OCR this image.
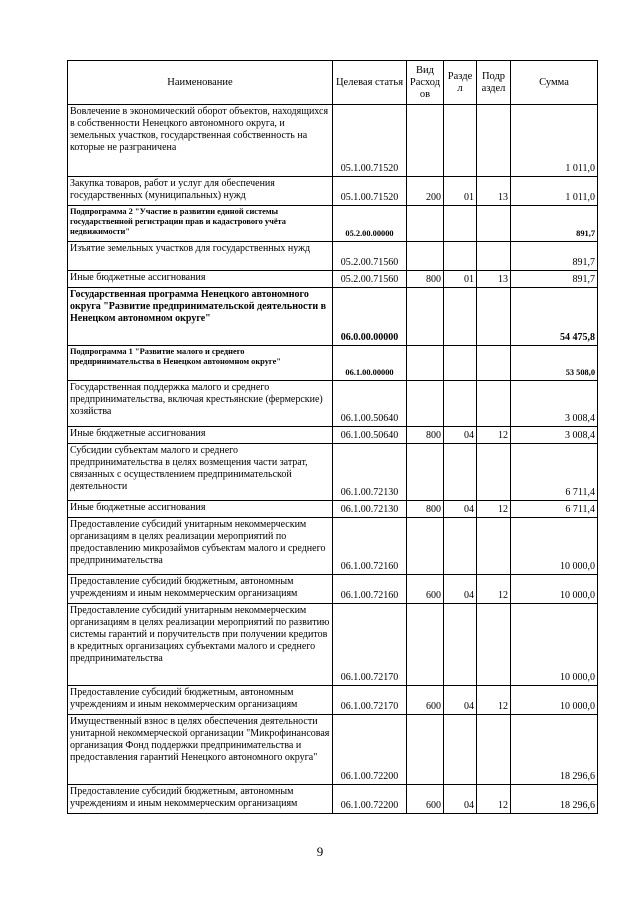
Наименование	Целевая статья	Вид Расход ов	Разде л	Подр аздел	Сумма
Вовлечение в экономический оборот объектов, находящихся в собственности Ненецкого автономного округа, и земельных участков, государственная собственность на которые не разграничена	05.1.00.71520				1 011,0
Закупка товаров, работ и услуг для обеспечения государственных (муниципальных) нужд	05.1.00.71520	200	01	13	1 011,0
Подпрограмма 2 "Участие в развитии единой системы государственной регистрации прав и кадастрового учёта недвижимости"	05.2.00.00000				891,7
Изъятие земельных участков для государственных нужд	05.2.00.71560				891,7
Иные бюджетные ассигнования	05.2.00.71560	800	01	13	891,7
Государственная программа Ненецкого автономного округа "Развитие предпринимательской деятельности в Ненецком автономном округе"	06.0.00.00000				54 475,8
Подпрограмма 1 "Развитие малого и среднего предпринимательства в Ненецком автономном округе"	06.1.00.00000				53 508,0
Государственная поддержка малого и среднего предпринимательства, включая крестьянские (фермерские) хозяйства	06.1.00.50640				3 008,4
Иные бюджетные ассигнования	06.1.00.50640	800	04	12	3 008,4
Субсидии субъектам малого и среднего предпринимательства в целях возмещения части затрат, связанных с осуществлением предпринимательской деятельности	06.1.00.72130				6 711,4
Иные бюджетные ассигнования	06.1.00.72130	800	04	12	6 711,4
Предоставление субсидий унитарным некоммерческим организациям в целях реализации мероприятий по предоставлению микрозаймов субъектам малого и среднего предпринимательства	06.1.00.72160				10 000,0
Предоставление субсидий бюджетным, автономным учреждениям и иным некоммерческим организациям	06.1.00.72160	600	04	12	10 000,0
Предоставление субсидий унитарным некоммерческим организациям в целях реализации мероприятий по развитию системы гарантий и поручительств при получении кредитов в кредитных организациях субъектами малого и среднего предпринимательства	06.1.00.72170				10 000,0
Предоставление субсидий бюджетным, автономным учреждениям и иным некоммерческим организациям	06.1.00.72170	600	04	12	10 000,0
Имущественный взнос в целях обеспечения деятельности унитарной некоммерческой организации "Микрофинансовая организация Фонд поддержки предпринимательства и предоставления гарантий Ненецкого автономного округа"	06.1.00.72200				18 296,6
Предоставление субсидий бюджетным, автономным учреждениям и иным некоммерческим организациям	06.1.00.72200	600	04	12	18 296,6
9
